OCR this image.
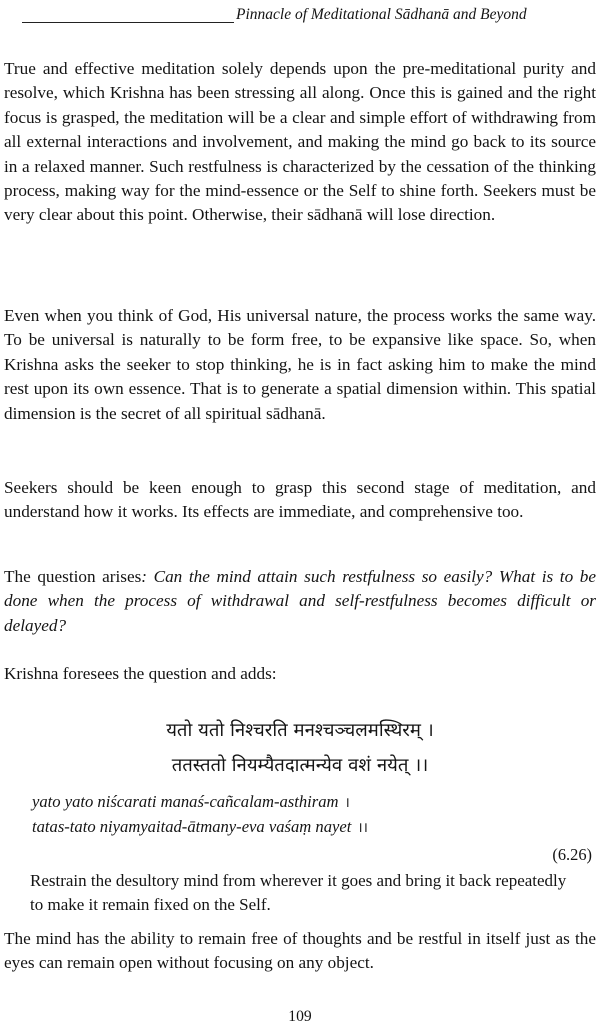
Pinnacle of Meditational Sādhanā and Beyond

True and effective meditation solely depends upon the pre-meditational purity and resolve, which Krishna has been stressing all along. Once this is gained and the right focus is grasped, the meditation will be a clear and simple effort of withdrawing from all external interactions and involvement, and making the mind go back to its source in a relaxed manner. Such restfulness is characterized by the cessation of the thinking process, making way for the mind-essence or the Self to shine forth. Seekers must be very clear about this point. Otherwise, their sādhanā will lose direction.

Even when you think of God, His universal nature, the process works the same way. To be universal is naturally to be form free, to be expansive like space. So, when Krishna asks the seeker to stop thinking, he is in fact asking him to make the mind rest upon its own essence. That is to generate a spatial dimension within. This spatial dimension is the secret of all spiritual sādhanā.

Seekers should be keen enough to grasp this second stage of meditation, and understand how it works. Its effects are immediate, and comprehensive too.

The question arises: Can the mind attain such restfulness so easily? What is to be done when the process of withdrawal and self-restfulness becomes difficult or delayed?

Krishna foresees the question and adds:

यतो यतो निश्चरति मनश्चञ्चलमस्थिरम् ।
ततस्ततो नियम्यैतदात्मन्येव वशं नयेत् ।।
yato yato niścarati manaś-cañcalam-asthiram ।
tatas-tato niyamyaitad-ātmany-eva vaśaṃ nayet ।।
(6.26)

Restrain the desultory mind from wherever it goes and bring it back repeatedly to make it remain fixed on the Self.

The mind has the ability to remain free of thoughts and be restful in itself just as the eyes can remain open without focusing on any object.

109
